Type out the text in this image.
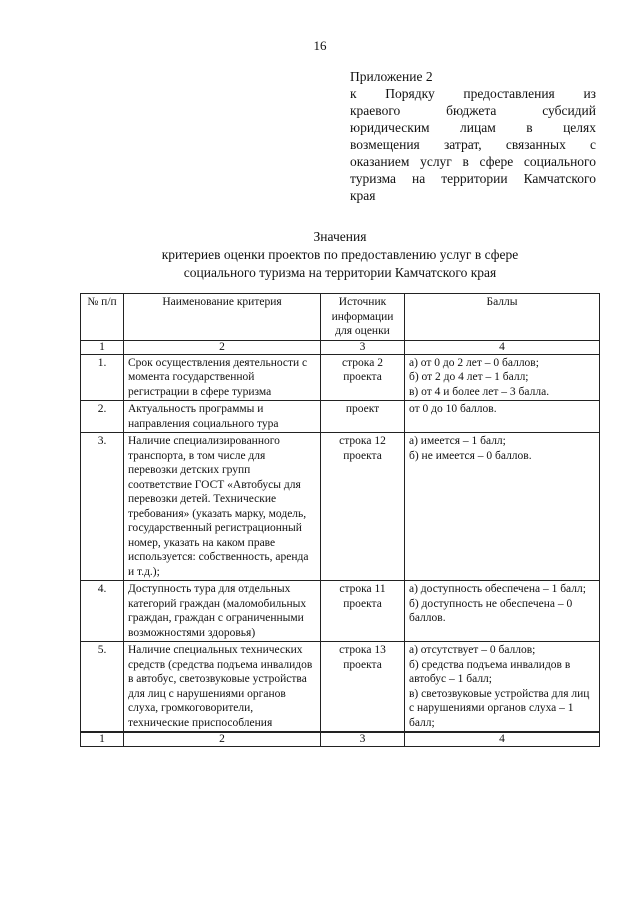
16
Приложение 2
к Порядку предоставления из
краевого бюджета субсидий
юридическим лицам в целях
возмещения затрат, связанных с
оказанием услуг в сфере социального
туризма на территории Камчатского
края
Значения
критериев оценки проектов по предоставлению услуг в сфере
социального туризма на территории Камчатского края
№ п/п	Наименование критерия	Источник информации для оценки	Баллы
1	2	3	4
1.	Срок осуществления деятельности с момента государственной регистрации в сфере туризма	строка 2 проекта	а) от 0 до 2 лет – 0 баллов;
б) от 2 до 4 лет – 1 балл;
в) от 4 и более лет – 3 балла.

2.	Актуальность программы и направления социального тура	проект	от 0 до 10 баллов.

3.	Наличие специализированного транспорта, в том числе для перевозки детских групп соответствие ГОСТ «Автобусы для перевозки детей. Технические требования» (указать марку, модель, государственный регистрационный номер, указать на каком праве используется: собственность, аренда и т.д.);	строка 12 проекта	а) имеется – 1 балл;
б) не имеется – 0 баллов.

4.	Доступность тура для отдельных категорий граждан (маломобильных граждан, граждан с ограниченными возможностями здоровья)	строка 11 проекта	а) доступность обеспечена – 1 балл;
б) доступность не обеспечена – 0 баллов.

5.	Наличие специальных технических средств (средства подъема инвалидов в автобус, светозвуковые устройства для лиц с нарушениями органов слуха, громкоговорители, технические приспособления	строка 13 проекта	а) отсутствует – 0 баллов;
б) средства подъема инвалидов в автобус – 1 балл;
в) светозвуковые устройства для лиц с нарушениями органов слуха – 1 балл;

1	2	3	4
